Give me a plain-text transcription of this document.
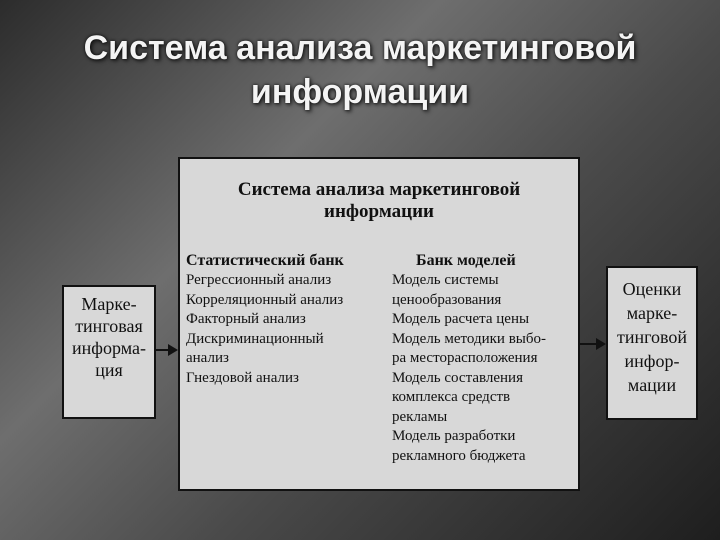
Система анализа маркетинговой
информации
Марке-
тинговая
информа-
ция
Система анализа маркетинговой
информации
Статистический банк
Регрессионный анализ
Корреляционный анализ
Факторный анализ
Дискриминационный
анализ
Гнездовой анализ
Банк моделей
Модель системы
ценообразования
Модель расчета цены
Модель методики выбо-
ра месторасположения
Модель составления
комплекса средств
рекламы
Модель разработки
рекламного бюджета
Оценки
марке-
тинговой
инфор-
мации
